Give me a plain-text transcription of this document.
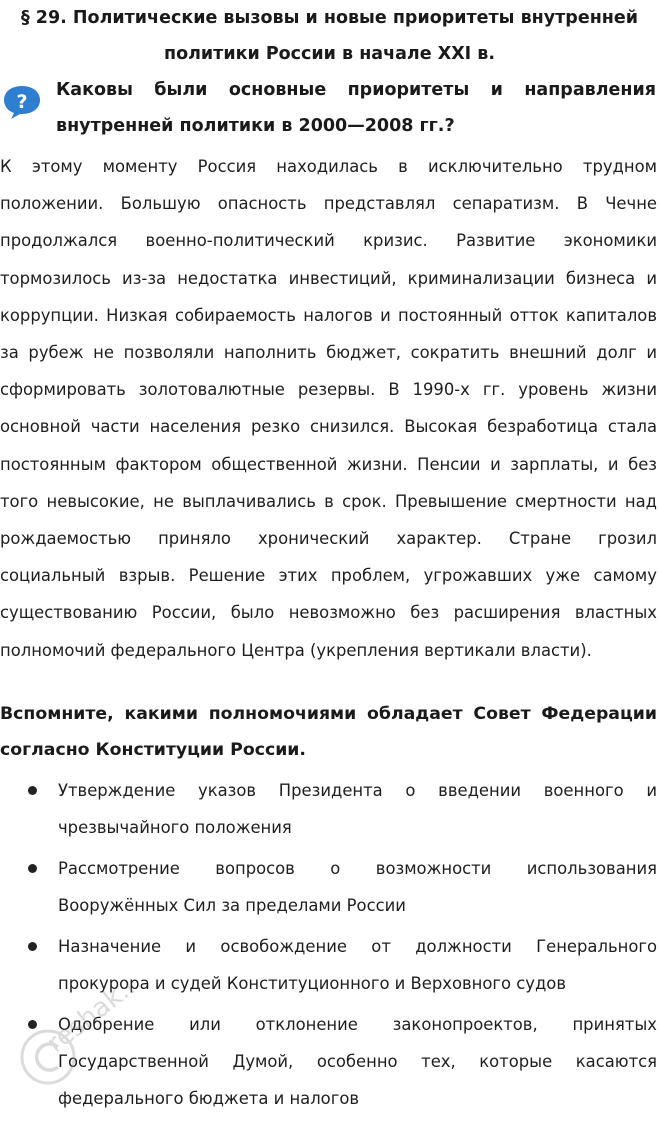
§ 29. Политические вызовы и новые приоритеты внутренней
политики России в начале XXI в.
?
Каковы были основные приоритеты и направления внутренней политики в 2000—2008 гг.?
К этому моменту Россия находилась в исключительно трудном положении. Большую опасность представлял сепаратизм. В Чечне продолжался военно-политический кризис. Развитие экономики тормозилось из-за недостатка инвестиций, криминализации бизнеса и коррупции. Низкая собираемость налогов и постоянный отток капиталов за рубеж не позволяли наполнить бюджет, сократить внешний долг и сформировать золотовалютные резервы. В 1990-х гг. уровень жизни основной части населения резко снизился. Высокая безработица стала постоянным фактором общественной жизни. Пенсии и зарплаты, и без того невысокие, не выплачивались в срок. Превышение смертности над рождаемостью приняло хронический характер. Стране грозил социальный взрыв. Решение этих проблем, угрожавших уже самому существованию России, было невозможно без расширения властных полномочий федерального Центра (укрепления вертикали власти).
Вспомните, какими полномочиями обладает Совет Федерации согласно Конституции России.
Утверждение указов Президента о введении военного и чрезвычайного положения
Рассмотрение вопросов о возможности использования Вооружённых Сил за пределами России
Назначение и освобождение от должности Генерального прокурора и судей Конституционного и Верховного судов
Одобрение или отклонение законопроектов, принятых Государственной Думой, особенно тех, которые касаются федерального бюджета и налогов
reshak.ru
